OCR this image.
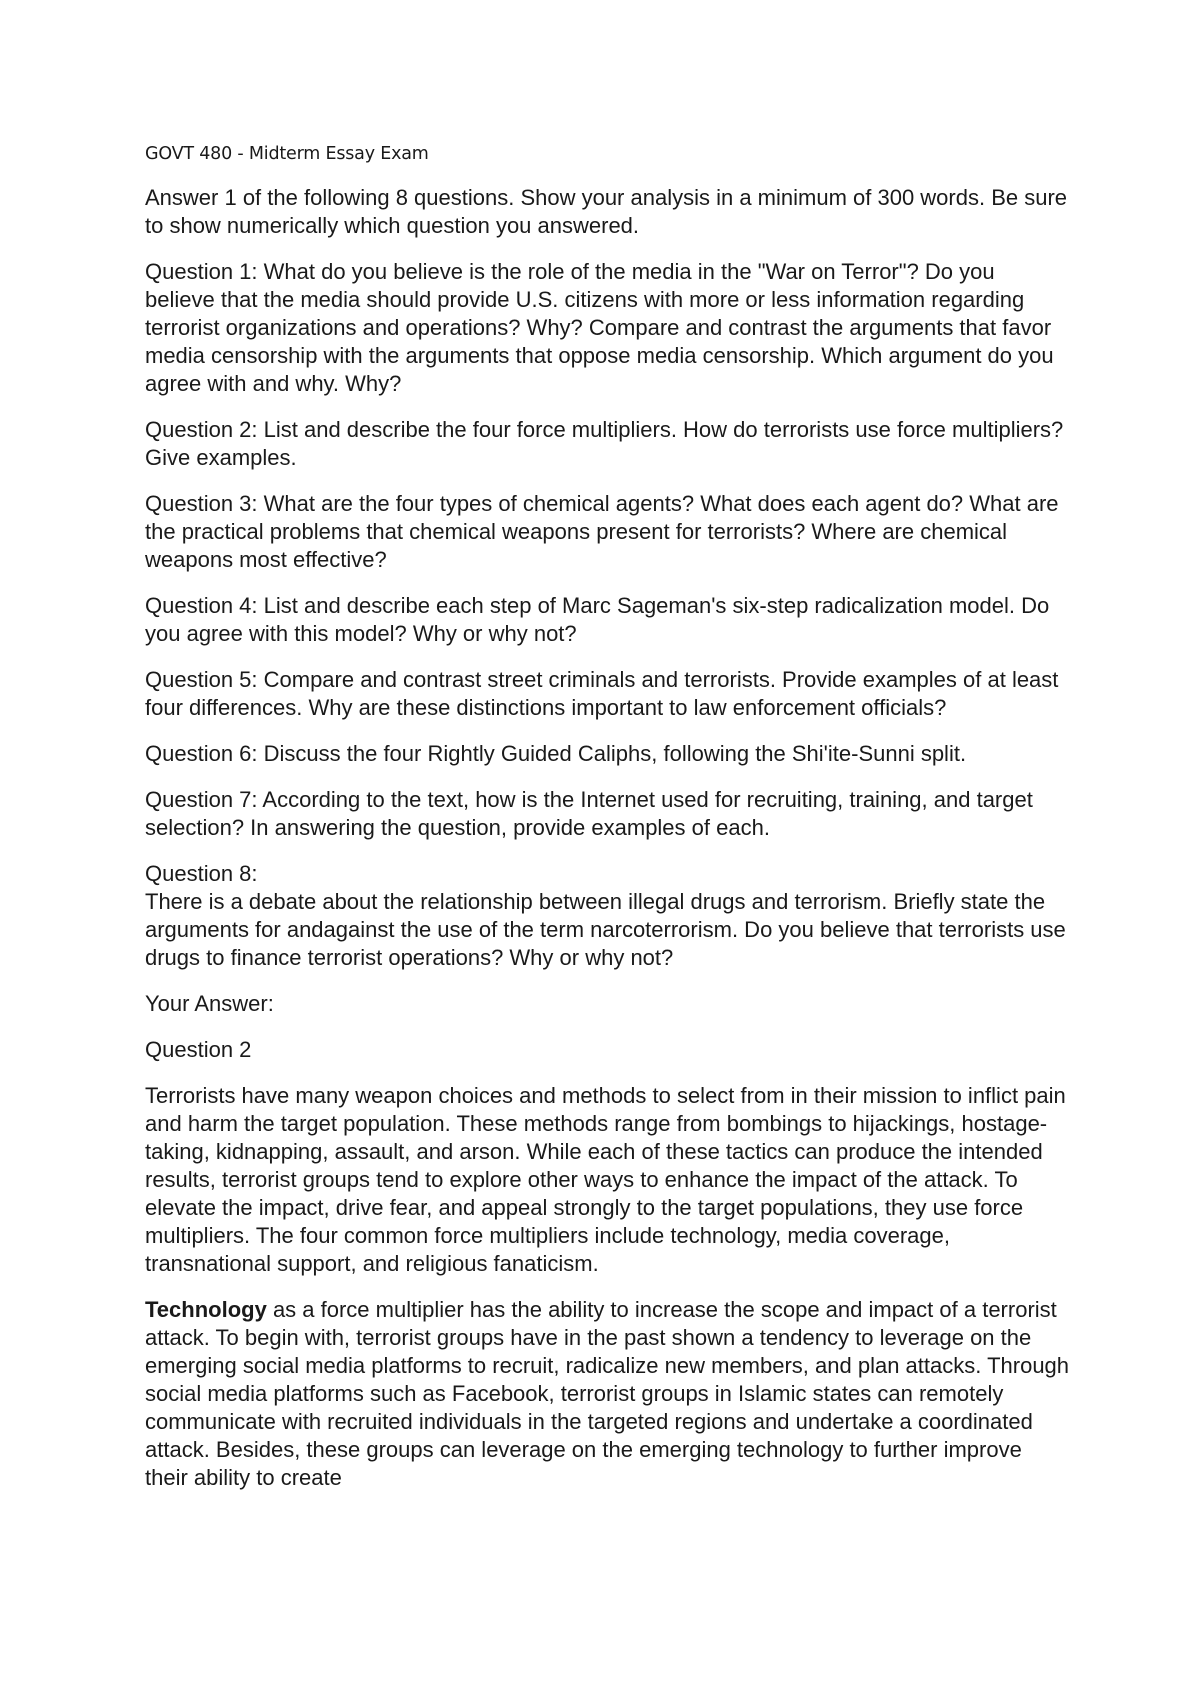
GOVT 480 - Midterm Essay Exam

Answer 1 of the following 8 questions. Show your analysis in a minimum of 300 words. Be sure to show numerically which question you answered.

Question 1: What do you believe is the role of the media in the "War on Terror"? Do you believe that the media should provide U.S. citizens with more or less information regarding terrorist organizations and operations? Why? Compare and contrast the arguments that favor media censorship with the arguments that oppose media censorship. Which argument do you agree with and why. Why?

Question 2: List and describe the four force multipliers. How do terrorists use force multipliers? Give examples.

Question 3: What are the four types of chemical agents? What does each agent do? What are the practical problems that chemical weapons present for terrorists? Where are chemical weapons most effective?

Question 4: List and describe each step of Marc Sageman's six-step radicalization model. Do you agree with this model? Why or why not?

Question 5: Compare and contrast street criminals and terrorists. Provide examples of at least four differences. Why are these distinctions important to law enforcement officials?

Question 6: Discuss the four Rightly Guided Caliphs, following the Shi'ite-Sunni split.

Question 7: According to the text, how is the Internet used for recruiting, training, and target selection? In answering the question, provide examples of each.

Question 8:
There is a debate about the relationship between illegal drugs and terrorism. Briefly state the arguments for andagainst the use of the term narcoterrorism. Do you believe that terrorists use drugs to finance terrorist operations? Why or why not?

Your Answer:

Question 2

Terrorists have many weapon choices and methods to select from in their mission to inflict pain and harm the target population. These methods range from bombings to hijackings, hostage-taking, kidnapping, assault, and arson. While each of these tactics can produce the intended results, terrorist groups tend to explore other ways to enhance the impact of the attack. To elevate the impact, drive fear, and appeal strongly to the target populations, they use force multipliers. The four common force multipliers include technology, media coverage, transnational support, and religious fanaticism.

Technology as a force multiplier has the ability to increase the scope and impact of a terrorist attack. To begin with, terrorist groups have in the past shown a tendency to leverage on the emerging social media platforms to recruit, radicalize new members, and plan attacks. Through social media platforms such as Facebook, terrorist groups in Islamic states can remotely communicate with recruited individuals in the targeted regions and undertake a coordinated attack. Besides, these groups can leverage on the emerging technology to further improve their ability to create
